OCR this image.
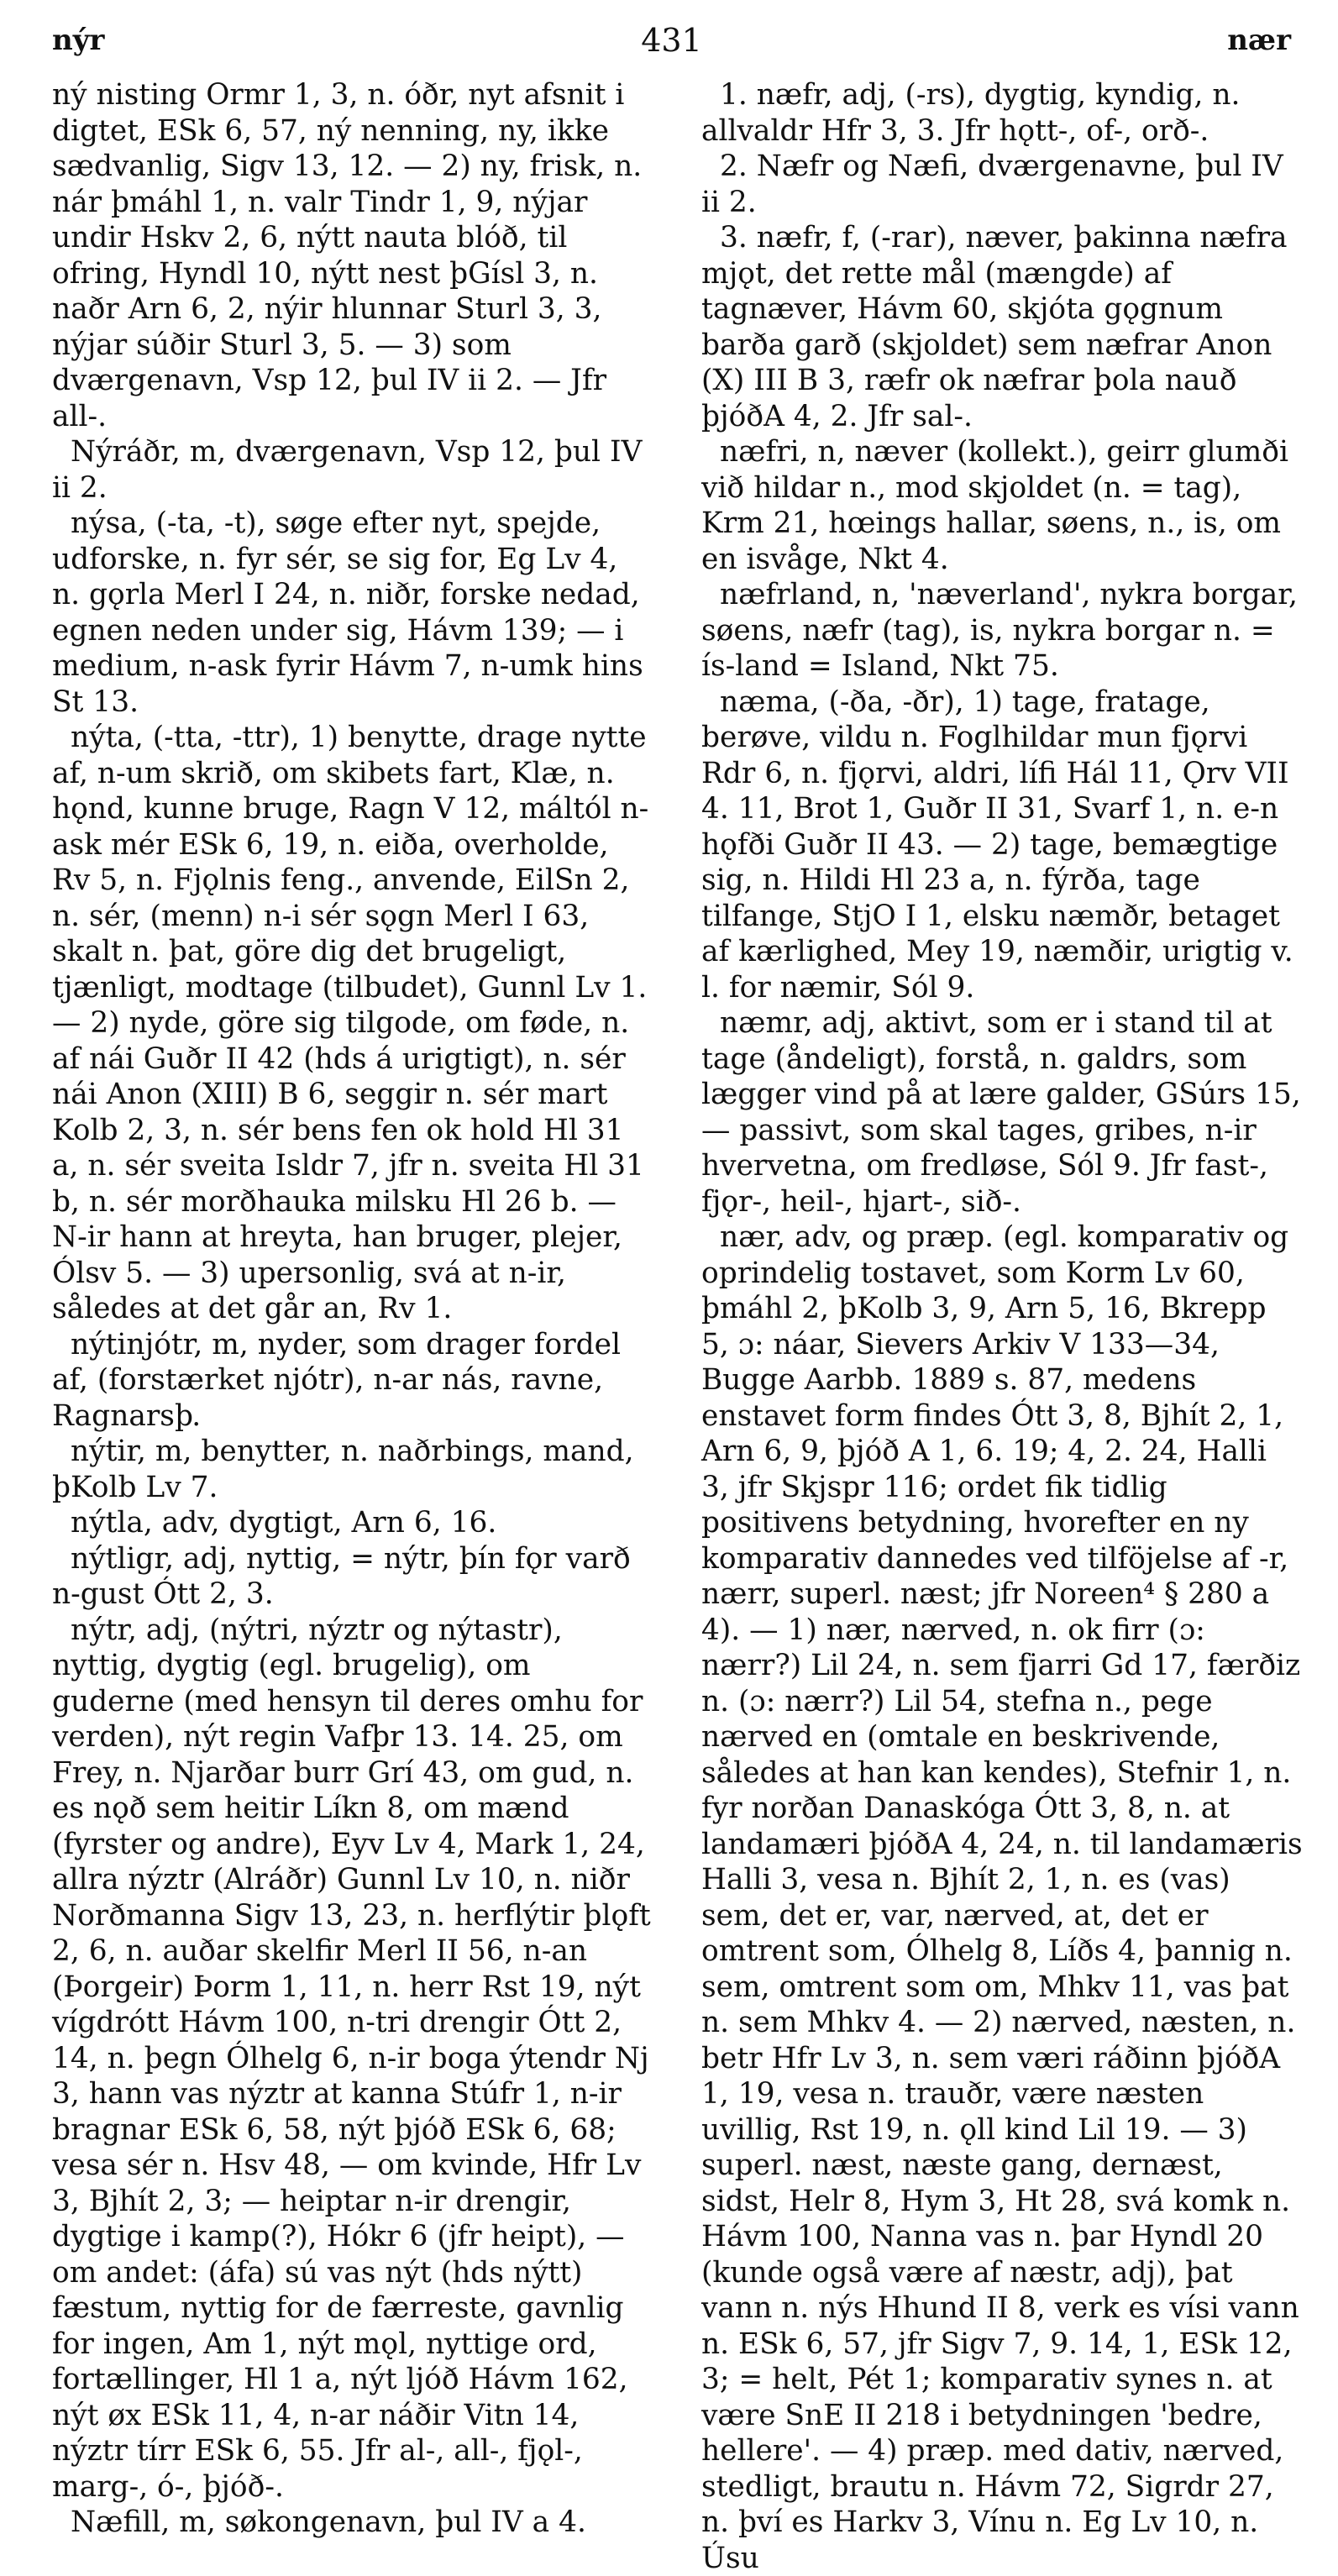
nýr	431	nær

ný nisting Ormr 1, 3, n. óðr, nyt afsnit i digtet, ESk 6, 57, ný nenning, ny, ikke sædvanlig, Sigv 13, 12. — 2) ny, frisk, n. nár þmáhl 1, n. valr Tindr 1, 9, nýjar undir Hskv 2, 6, nýtt nauta blóð, til ofring, Hyndl 10, nýtt nest þGísl 3, n. naðr Arn 6, 2, nýir hlunnar Sturl 3, 3, nýjar súðir Sturl 3, 5. — 3) som dværgenavn, Vsp 12, þul IV ii 2. — Jfr all-.

Nýráðr, m, dværgenavn, Vsp 12, þul IV ii 2.

nýsa, (-ta, -t), søge efter nyt, spejde, udforske, n. fyr sér, se sig for, Eg Lv 4, n. gǫrla Merl I 24, n. niðr, forske nedad, egnen neden under sig, Hávm 139; — i medium, n-ask fyrir Hávm 7, n-umk hins St 13.

nýta, (-tta, -ttr), 1) benytte, drage nytte af, n-um skrið, om skibets fart, Klæ, n. hǫnd, kunne bruge, Ragn V 12, máltól n-ask mér ESk 6, 19, n. eiða, overholde, Rv 5, n. Fjǫlnis feng., anvende, EilSn 2, n. sér, (menn) n-i sér sǫgn Merl I 63, skalt n. þat, göre dig det brugeligt, tjænligt, modtage (tilbudet), Gunnl Lv 1. — 2) nyde, göre sig tilgode, om føde, n. af nái Guðr II 42 (hds á urigtigt), n. sér nái Anon (XIII) B 6, seggir n. sér mart Kolb 2, 3, n. sér bens fen ok hold Hl 31 a, n. sér sveita Isldr 7, jfr n. sveita Hl 31 b, n. sér morðhauka milsku Hl 26 b. — N-ir hann at hreyta, han bruger, plejer, Ólsv 5. — 3) upersonlig, svá at n-ir, således at det går an, Rv 1.

nýtinjótr, m, nyder, som drager fordel af, (forstærket njótr), n-ar nás, ravne, Ragnarsþ.

nýtir, m, benytter, n. naðrbings, mand, þKolb Lv 7.

nýtla, adv, dygtigt, Arn 6, 16.

nýtligr, adj, nyttig, = nýtr, þín fǫr varð n-gust Ótt 2, 3.

nýtr, adj, (nýtri, nýztr og nýtastr), nyttig, dygtig (egl. brugelig), om guderne (med hensyn til deres omhu for verden), nýt regin Vafþr 13. 14. 25, om Frey, n. Njarðar burr Grí 43, om gud, n. es nǫð sem heitir Líkn 8, om mænd (fyrster og andre), Eyv Lv 4, Mark 1, 24, allra nýztr (Alráðr) Gunnl Lv 10, n. niðr Norðmanna Sigv 13, 23, n. herflýtir þlǫft 2, 6, n. auðar skelfir Merl II 56, n-an (Þorgeir) Þorm 1, 11, n. herr Rst 19, nýt vígdrótt Hávm 100, n-tri drengir Ótt 2, 14, n. þegn Ólhelg 6, n-ir boga ýtendr Nj 3, hann vas nýztr at kanna Stúfr 1, n-ir bragnar ESk 6, 58, nýt þjóð ESk 6, 68; vesa sér n. Hsv 48, — om kvinde, Hfr Lv 3, Bjhít 2, 3; — heiptar n-ir drengir, dygtige i kamp(?), Hókr 6 (jfr heipt), — om andet: (áfa) sú vas nýt (hds nýtt) fæstum, nyttig for de færreste, gavnlig for ingen, Am 1, nýt mǫl, nyttige ord, fortællinger, Hl 1 a, nýt ljóð Hávm 162, nýt øx ESk 11, 4, n-ar náðir Vitn 14, nýztr tírr ESk 6, 55. Jfr al-, all-, fjǫl-, marg-, ó-, þjóð-.

Næfill, m, søkongenavn, þul IV a 4.

1. næfr, adj, (-rs), dygtig, kyndig, n. allvaldr Hfr 3, 3. Jfr hǫtt-, of-, orð-.

2. Næfr og Næfi, dværgenavne, þul IV ii 2.

3. næfr, f, (-rar), næver, þakinna næfra mjǫt, det rette mål (mængde) af tagnæver, Hávm 60, skjóta gǫgnum barða garð (skjoldet) sem næfrar Anon (X) III B 3, ræfr ok næfrar þola nauð þjóðA 4, 2. Jfr sal-.

næfri, n, næver (kollekt.), geirr glumði við hildar n., mod skjoldet (n. = tag), Krm 21, hœings hallar, søens, n., is, om en isvåge, Nkt 4.

næfrland, n, 'næverland', nykra borgar, søens, næfr (tag), is, nykra borgar n. = ís-land = Island, Nkt 75.

næma, (-ða, -ðr), 1) tage, fratage, berøve, vildu n. Foglhildar mun fjǫrvi Rdr 6, n. fjǫrvi, aldri, lífi Hál 11, Ǫrv VII 4. 11, Brot 1, Guðr II 31, Svarf 1, n. e-n hǫfði Guðr II 43. — 2) tage, bemægtige sig, n. Hildi Hl 23 a, n. fýrða, tage tilfange, StjO I 1, elsku næmðr, betaget af kærlighed, Mey 19, næmðir, urigtig v. l. for næmir, Sól 9.

næmr, adj, aktivt, som er i stand til at tage (åndeligt), forstå, n. galdrs, som lægger vind på at lære galder, GSúrs 15, — passivt, som skal tages, gribes, n-ir hvervetna, om fredløse, Sól 9. Jfr fast-, fjǫr-, heil-, hjart-, sið-.

nær, adv, og præp. (egl. komparativ og oprindelig tostavet, som Korm Lv 60, þmáhl 2, þKolb 3, 9, Arn 5, 16, Bkrepp 5, ɔ: náar, Sievers Arkiv V 133—34, Bugge Aarbb. 1889 s. 87, medens enstavet form findes Ótt 3, 8, Bjhít 2, 1, Arn 6, 9, þjóð A 1, 6. 19; 4, 2. 24, Halli 3, jfr Skjspr 116; ordet fik tidlig positivens betydning, hvorefter en ny komparativ dannedes ved tilföjelse af -r, nærr, superl. næst; jfr Noreen⁴ § 280 a 4). — 1) nær, nærved, n. ok firr (ɔ: nærr?) Lil 24, n. sem fjarri Gd 17, færðiz n. (ɔ: nærr?) Lil 54, stefna n., pege nærved en (omtale en beskrivende, således at han kan kendes), Stefnir 1, n. fyr norðan Danaskóga Ótt 3, 8, n. at landamæri þjóðA 4, 24, n. til landamæris Halli 3, vesa n. Bjhít 2, 1, n. es (vas) sem, det er, var, nærved, at, det er omtrent som, Ólhelg 8, Líðs 4, þannig n. sem, omtrent som om, Mhkv 11, vas þat n. sem Mhkv 4. — 2) nærved, næsten, n. betr Hfr Lv 3, n. sem væri ráðinn þjóðA 1, 19, vesa n. trauðr, være næsten uvillig, Rst 19, n. ǫll kind Lil 19. — 3) superl. næst, næste gang, dernæst, sidst, Helr 8, Hym 3, Ht 28, svá komk n. Hávm 100, Nanna vas n. þar Hyndl 20 (kunde også være af næstr, adj), þat vann n. nýs Hhund II 8, verk es vísi vann n. ESk 6, 57, jfr Sigv 7, 9. 14, 1, ESk 12, 3; = helt, Pét 1; komparativ synes n. at være SnE II 218 i betydningen 'bedre, hellere'. — 4) præp. med dativ, nærved, stedligt, brautu n. Hávm 72, Sigrdr 27, n. því es Harkv 3, Vínu n. Eg Lv 10, n. Úsu
